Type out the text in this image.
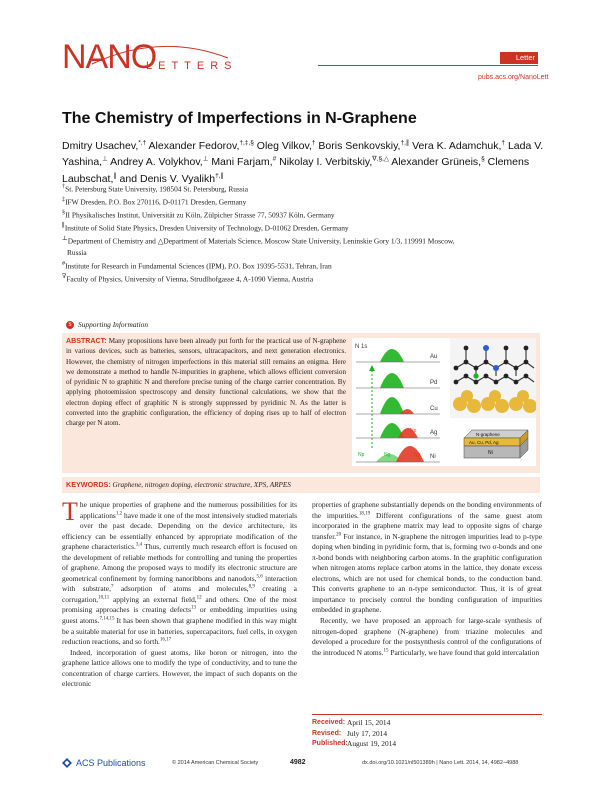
NANO
LETTERS
Letter
pubs.acs.org/NanoLett
The Chemistry of Imperfections in N-Graphene
Dmitry Usachev,*,† Alexander Fedorov,†,‡,§ Oleg Vilkov,† Boris Senkovskiy,†,∥ Vera K. Adamchuk,† Lada V. Yashina,⊥ Andrey A. Volykhov,⊥ Mani Farjam,# Nikolay I. Verbitskiy,∇,§,△ Alexander Grüneis,§ Clemens Laubschat,∥ and Denis V. Vyalikh†,∥
†St. Petersburg State University, 198504 St. Petersburg, Russia
‡IFW Dresden, P.O. Box 270116, D-01171 Dresden, Germany
§II Physikalisches Institut, Universität zu Köln, Zülpicher Strasse 77, 50937 Köln, Germany
∥Institute of Solid State Physics, Dresden University of Technology, D-01062 Dresden, Germany
⊥Department of Chemistry and △Department of Materials Science, Moscow State University, Leninskie Gory 1/3, 119991 Moscow,
Russia
#Institute for Research in Fundamental Sciences (IPM), P.O. Box 19395-5531, Tehran, Iran
∇Faculty of Physics, University of Vienna, Strudlhofgasse 4, A-1090 Vienna, Austria
S Supporting Information
ABSTRACT: Many propositions have been already put forth for the practical use of N-graphene in various devices, such as batteries, sensors, ultracapacitors, and next generation electronics. However, the chemistry of nitrogen imperfections in this material still remains an enigma. Here we demonstrate a method to handle N-impurities in graphene, which allows efficient conversion of pyridinic N to graphitic N and therefore precise tuning of the charge carrier concentration. By applying photoemission spectroscopy and density functional calculations, we show that the electron doping effect of graphitic N is strongly suppressed by pyridinic N. As the latter is converted into the graphitic configuration, the efficiency of doping rises up to half of electron charge per N atom.
N 1s
Au
Pd
Cu
Ag
Ni
Ng
Np
Np	Ng
N-graphene
Au, Cu, Pd, Ag
Ni
KEYWORDS: Graphene, nitrogen doping, electronic structure, XPS, ARPES

The unique properties of graphene and the numerous possibilities for its applications$^{1,2}$ have made it one of the most intensively studied materials over the past decade. Depending on the device architecture, its efficiency can be essentially enhanced by appropriate modification of the graphene characteristics.$^{3,4}$ Thus, currently much research effort is focused on the development of reliable methods for controlling and tuning the properties of graphene. Among the proposed ways to modify its electronic structure are geometrical confinement by forming nanoribbons and nanodots,$^{5,6}$ interaction with substrate,$^7$ adsorption of atoms and molecules,$^{8,9}$ creating a corrugation,$^{10,11}$ applying an external field,$^{12}$ and others. One of the most promising approaches is creating defects$^{13}$ or embedding impurities using guest atoms.$^{7,14,15}$ It has been shown that graphene modified in this way might be a suitable material for use in batteries, supercapacitors, fuel cells, in oxygen reduction reactions, and so forth.$^{16,17}$

Indeed, incorporation of guest atoms, like boron or nitrogen, into the graphene lattice allows one to modify the type of conductivity, and to tune the concentration of charge carriers. However, the impact of such dopants on the electronic

properties of graphene substantially depends on the bonding environments of the impurities.$^{18,19}$ Different configurations of the same guest atom incorporated in the graphene matrix may lead to opposite signs of charge transfer.$^{20}$ For instance, in N-graphene the nitrogen impurities lead to p-type doping when binding in pyridinic form, that is, forming two σ-bonds and one π-bond bonds with neighboring carbon atoms. In the graphitic configuration when nitrogen atoms replace carbon atoms in the lattice, they donate excess electrons, which are not used for chemical bonds, to the conduction band. This converts graphene to an n-type semiconductor. Thus, it is of great importance to precisely control the bonding configuration of impurities embedded in graphene.

Recently, we have proposed an approach for large-scale synthesis of nitrogen-doped graphene (N-graphene) from triazine molecules and developed a procedure for the postsynthesis control of the configurations of the introduced N atoms.$^{15}$ Particularly, we have found that gold intercalation

Received: April 15, 2014
Revised: July 17, 2014
Published: August 19, 2014
ACS Publications	© 2014 American Chemical Society	4982	dx.doi.org/10.1021/nl501389h | Nano Lett. 2014, 14, 4982−4988
